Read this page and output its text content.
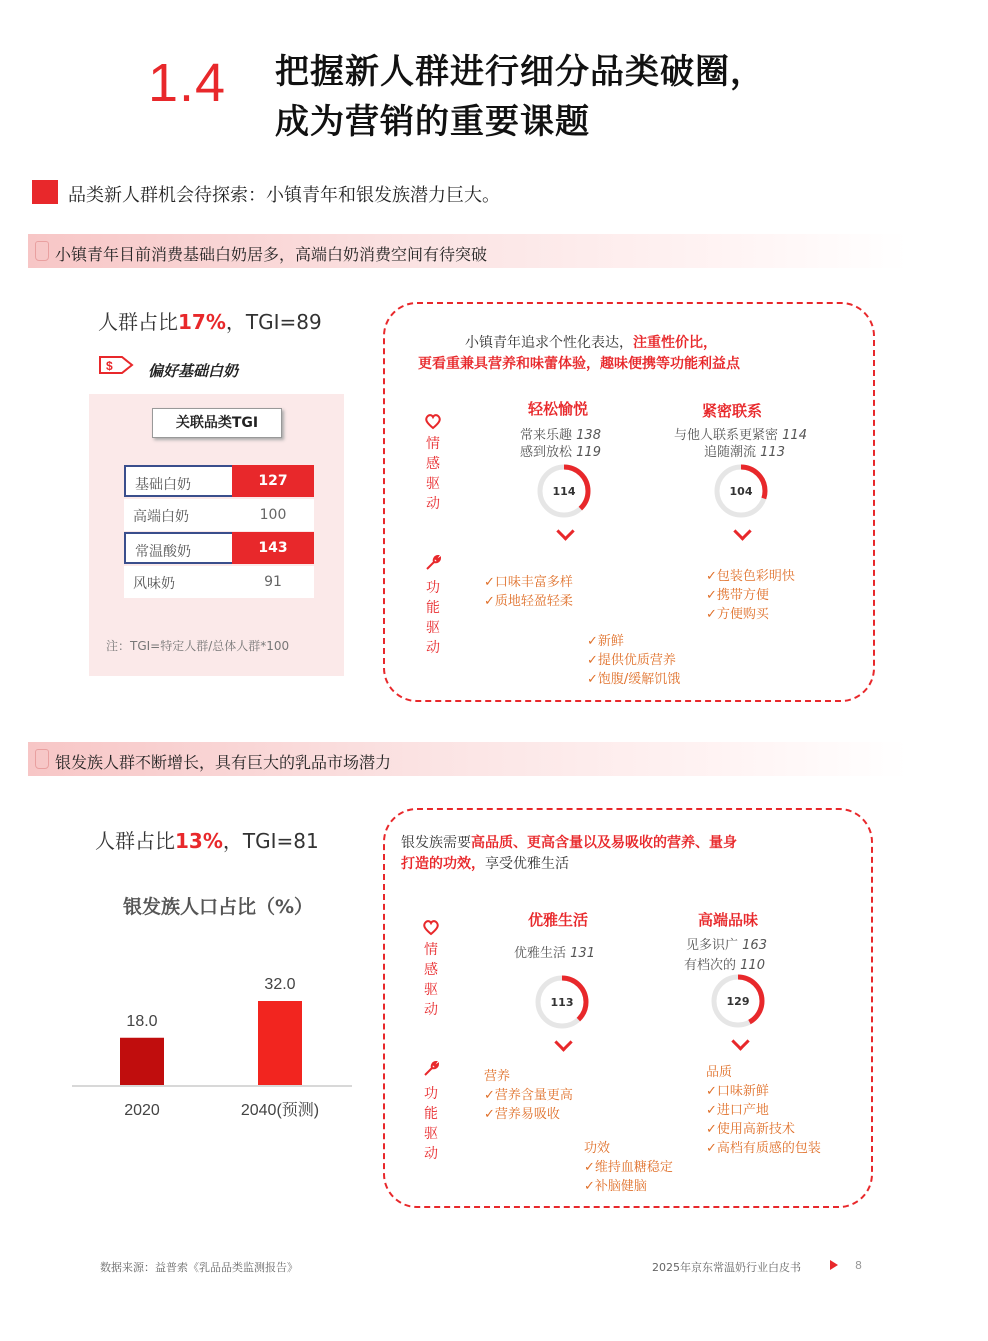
1.4 把握新人群进行细分品类破圈，
成为营销的重要课题
品类新人群机会待探索：小镇青年和银发族潜力巨大。
小镇青年目前消费基础白奶居多，高端白奶消费空间有待突破
人群占比17%，TGI=89
$ 偏好基础白奶
关联品类TGI
基础白奶	127
高端白奶	100
常温酸奶	143
风味奶	91
注：TGI=特定人群/总体人群*100
小镇青年追求个性化表达，注重性价比，
更看重兼具营养和味蕾体验，趣味便携等功能利益点
情
感
驱
动
功
能
驱
动
轻松愉悦
常来乐趣 138
感到放松 119
114
紧密联系
与他人联系更紧密 114
追随潮流 113
104
✓口味丰富多样
✓质地轻盈轻柔
✓包装色彩明快
✓携带方便
✓方便购买
✓新鲜
✓提供优质营养
✓饱腹/缓解饥饿
银发族人群不断增长，具有巨大的乳品市场潜力
人群占比13%，TGI=81
银发族人口占比（%）
18.0
2020
32.0
2040(预测)
银发族需要高品质、更高含量以及易吸收的营养、量身
打造的功效，享受优雅生活
情
感
驱
动
功
能
驱
动
优雅生活
优雅生活 131
113
高端品味
见多识广 163
有档次的 110
129
营养
✓营养含量更高
✓营养易吸收
品质
✓口味新鲜
✓进口产地
✓使用高新技术
✓高档有质感的包装
功效
✓维持血糖稳定
✓补脑健脑
数据来源：益普索《乳品品类监测报告》	2025年京东常温奶行业白皮书	8
